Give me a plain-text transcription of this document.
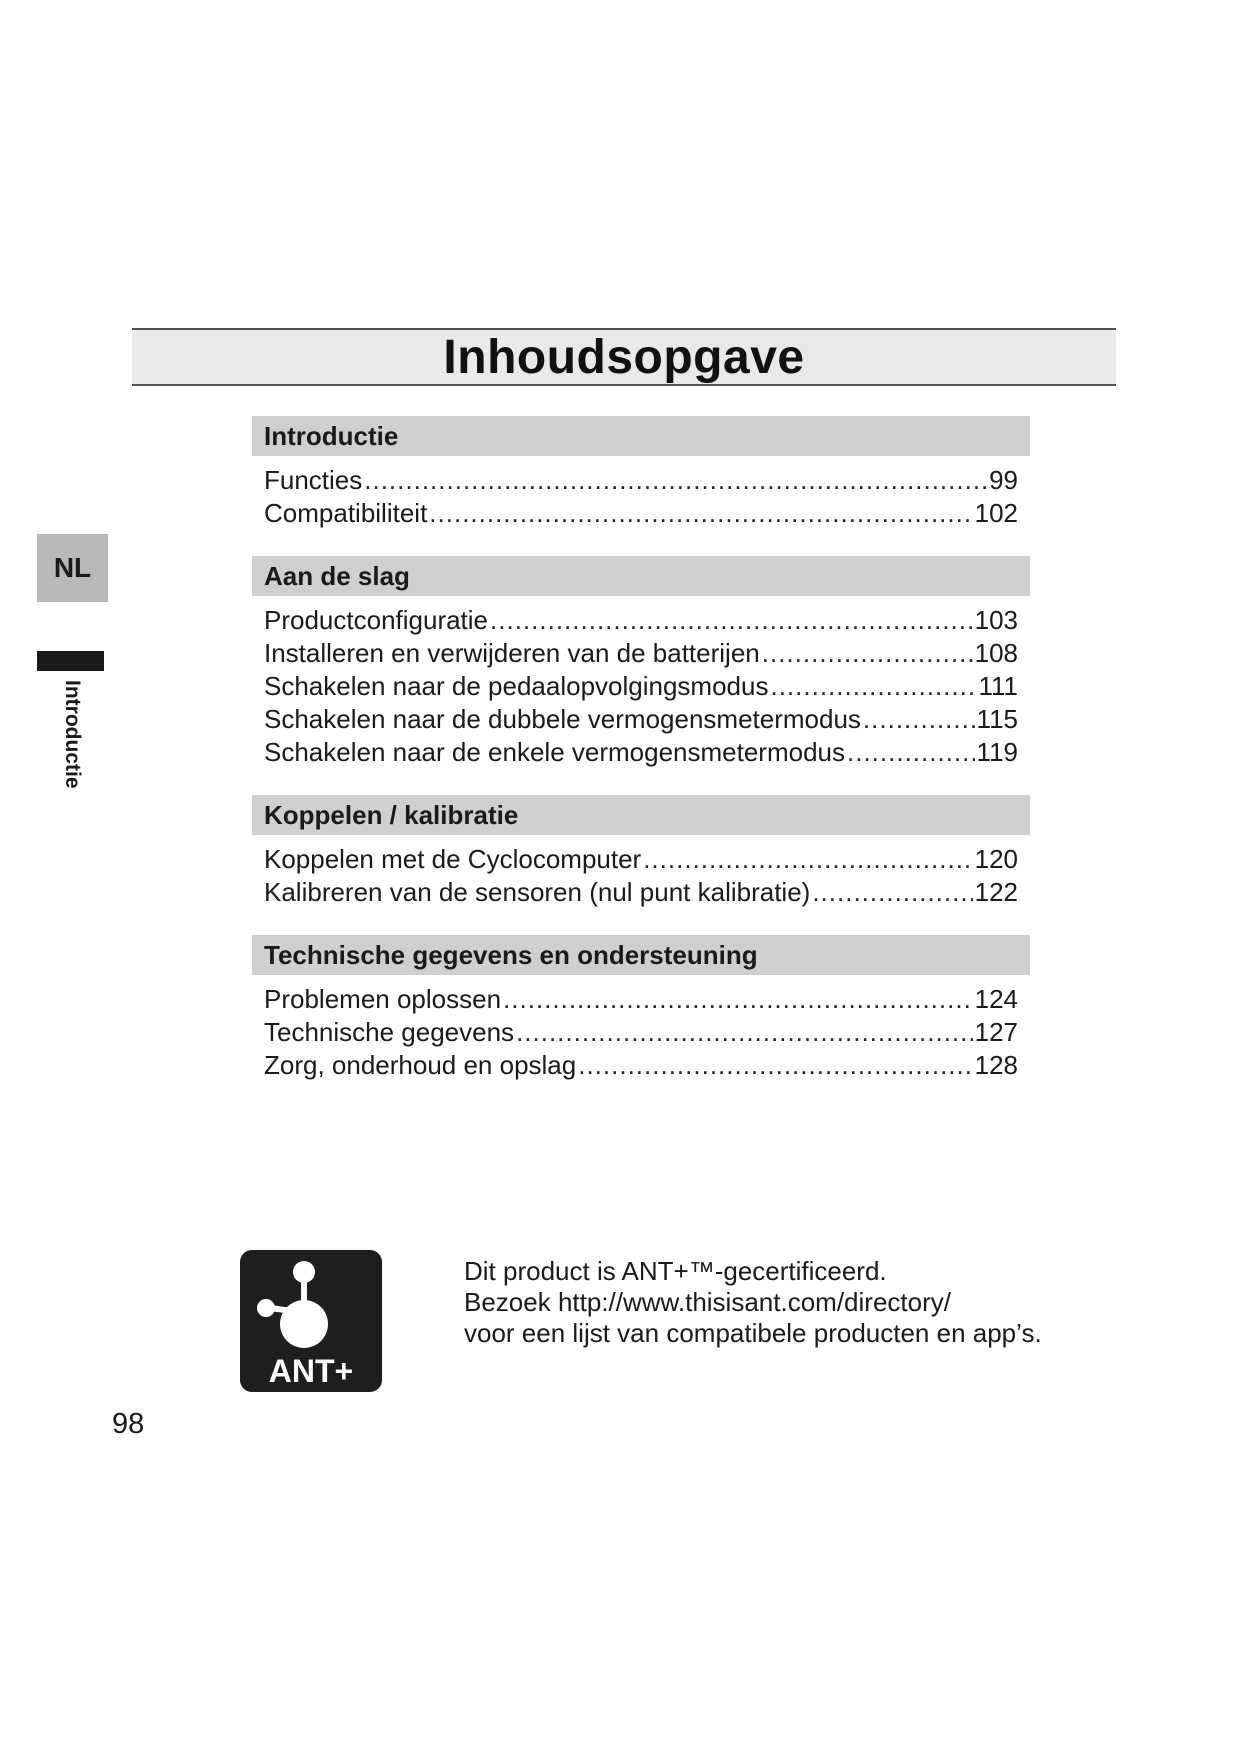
Inhoudsopgave
NL
Introductie
Introductie
Functies .....	99
Compatibiliteit .....	102
Aan de slag
Productconfiguratie .....	103
Installeren en verwijderen van de batterijen .....	108
Schakelen naar de pedaalopvolgingsmodus .....	111
Schakelen naar de dubbele vermogensmetermodus .....	115
Schakelen naar de enkele vermogensmetermodus .....	119
Koppelen / kalibratie
Koppelen met de Cyclocomputer .....	120
Kalibreren van de sensoren (nul punt kalibratie) .....	122
Technische gegevens en ondersteuning
Problemen oplossen .....	124
Technische gegevens .....	127
Zorg, onderhoud en opslag .....	128
ANT+
Dit product is ANT+™-gecertificeerd.
Bezoek http://www.thisisant.com/directory/
voor een lijst van compatibele producten en app’s.
98
